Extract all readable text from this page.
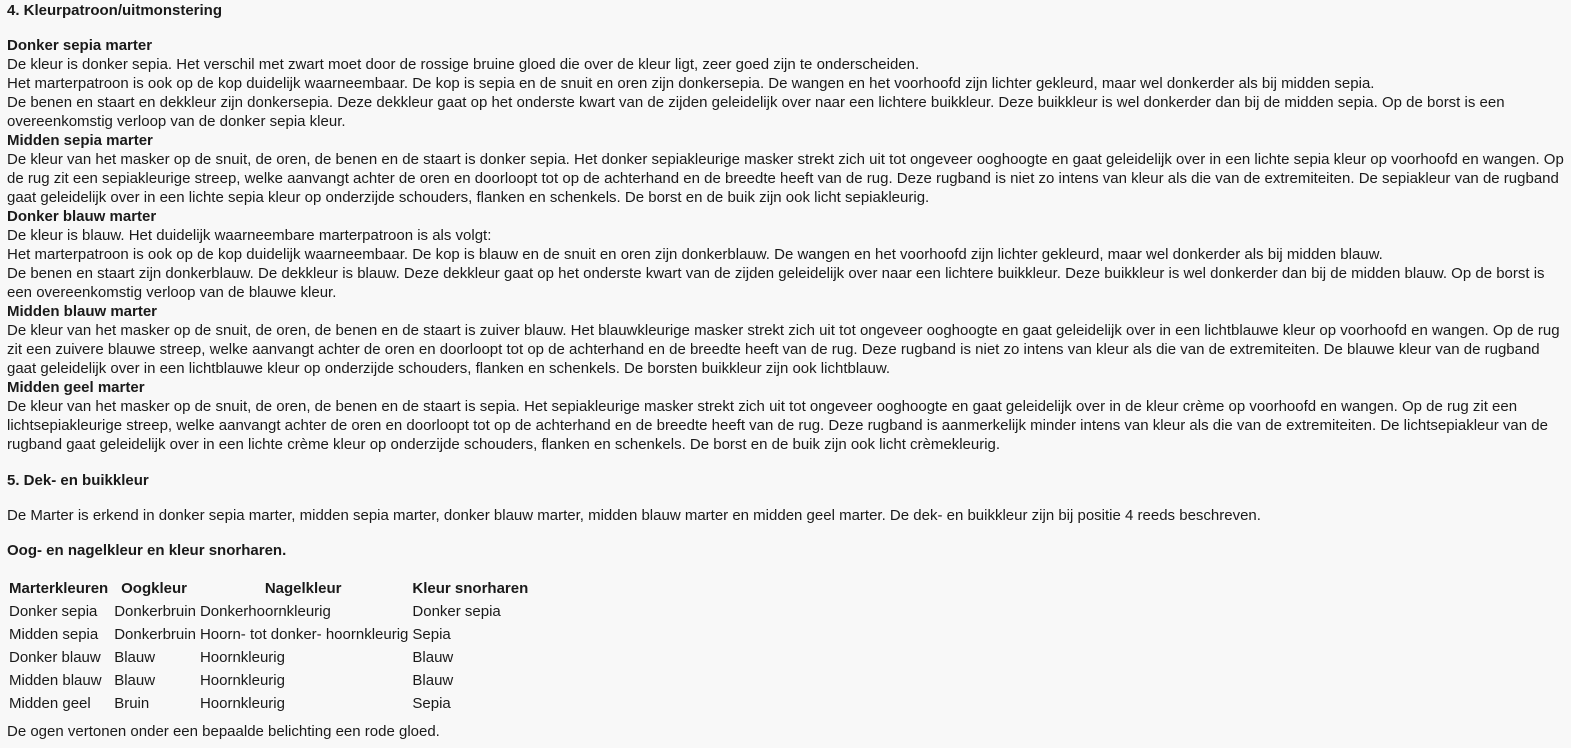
4. Kleurpatroon/uitmonstering
Donker sepia marter

De kleur is donker sepia. Het verschil met zwart moet door de rossige bruine gloed die over de kleur ligt, zeer goed zijn te onderscheiden.

Het marterpatroon is ook op de kop duidelijk waarneembaar. De kop is sepia en de snuit en oren zijn donkersepia. De wangen en het voorhoofd zijn lichter gekleurd, maar wel donkerder als bij midden sepia.

De benen en staart en dekkleur zijn donkersepia. Deze dekkleur gaat op het onderste kwart van de zijden geleidelijk over naar een lichtere buikkleur. Deze buikkleur is wel donkerder dan bij de midden sepia. Op de borst is een overeenkomstig verloop van de donker sepia kleur.

Midden sepia marter

De kleur van het masker op de snuit, de oren, de benen en de staart is donker sepia. Het donker sepiakleurige masker strekt zich uit tot ongeveer ooghoogte en gaat geleidelijk over in een lichte sepia kleur op voorhoofd en wangen. Op de rug zit een sepiakleurige streep, welke aanvangt achter de oren en doorloopt tot op de achterhand en de breedte heeft van de rug. Deze rugband is niet zo intens van kleur als die van de extremiteiten. De sepiakleur van de rugband gaat geleidelijk over in een lichte sepia kleur op onderzijde schouders, flanken en schenkels. De borst en de buik zijn ook licht sepiakleurig.

Donker blauw marter

De kleur is blauw. Het duidelijk waarneembare marterpatroon is als volgt:

Het marterpatroon is ook op de kop duidelijk waarneembaar. De kop is blauw en de snuit en oren zijn donkerblauw. De wangen en het voorhoofd zijn lichter gekleurd, maar wel donkerder als bij midden blauw.

De benen en staart zijn donkerblauw. De dekkleur is blauw. Deze dekkleur gaat op het onderste kwart van de zijden geleidelijk over naar een lichtere buikkleur. Deze buikkleur is wel donkerder dan bij de midden blauw. Op de borst is een overeenkomstig verloop van de blauwe kleur.

Midden blauw marter

De kleur van het masker op de snuit, de oren, de benen en de staart is zuiver blauw. Het blauwkleurige masker strekt zich uit tot ongeveer ooghoogte en gaat geleidelijk over in een lichtblauwe kleur op voorhoofd en wangen. Op de rug zit een zuivere blauwe streep, welke aanvangt achter de oren en doorloopt tot op de achterhand en de breedte heeft van de rug. Deze rugband is niet zo intens van kleur als die van de extremiteiten. De blauwe kleur van de rugband gaat geleidelijk over in een lichtblauwe kleur op onderzijde schouders, flanken en schenkels. De borsten buikkleur zijn ook lichtblauw.

Midden geel marter

De kleur van het masker op de snuit, de oren, de benen en de staart is sepia. Het sepiakleurige masker strekt zich uit tot ongeveer ooghoogte en gaat geleidelijk over in de kleur crème op voorhoofd en wangen. Op de rug zit een lichtsepiakleurige streep, welke aanvangt achter de oren en doorloopt tot op de achterhand en de breedte heeft van de rug. Deze rugband is aanmerkelijk minder intens van kleur als die van de extremiteiten. De lichtsepiakleur van de rugband gaat geleidelijk over in een lichte crème kleur op onderzijde schouders, flanken en schenkels. De borst en de buik zijn ook licht crèmekleurig.

5. Dek- en buikkleur

De Marter is erkend in donker sepia marter, midden sepia marter, donker blauw marter, midden blauw marter en midden geel marter. De dek- en buikkleur zijn bij positie 4 reeds beschreven.

Oog- en nagelkleur en kleur snorharen.
Marterkleuren	Oogkleur	Nagelkleur	Kleur snorharen
Donker sepia	Donkerbruin	Donkerhoornkleurig	Donker sepia
Midden sepia	Donkerbruin	Hoorn- tot donker- hoornkleurig	Sepia
Donker blauw	Blauw	Hoornkleurig	Blauw
Midden blauw	Blauw	Hoornkleurig	Blauw
Midden geel	Bruin	Hoornkleurig	Sepia

De ogen vertonen onder een bepaalde belichting een rode gloed.
